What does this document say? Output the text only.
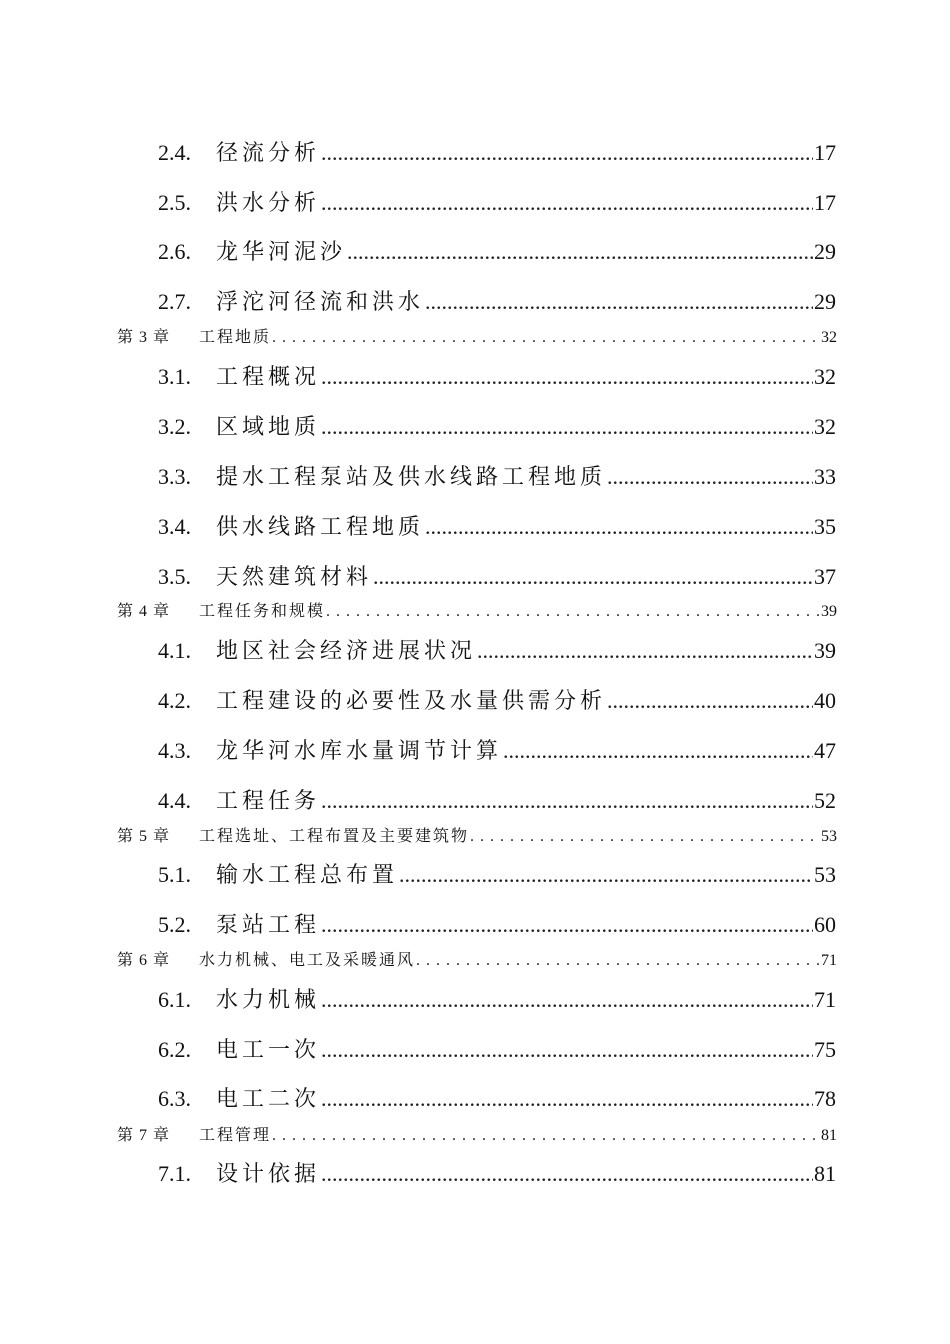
2.4.	径流分析 .....	17
2.5.	洪水分析 .....	17
2.6.	龙华河泥沙 .....	29
2.7.	浮沱河径流和洪水 .....	29
第 3 章	工程地质 . . .	32
3.1.	工程概况 .....	32
3.2.	区域地质 .....	32
3.3.	提水工程泵站及供水线路工程地质 .....	33
3.4.	供水线路工程地质 .....	35
3.5.	天然建筑材料 .....	37
第 4 章	工程任务和规模 . . .	39
4.1.	地区社会经济进展状况 .....	39
4.2.	工程建设的必要性及水量供需分析 .....	40
4.3.	龙华河水库水量调节计算 .....	47
4.4.	工程任务 .....	52
第 5 章	工程选址、工程布置及主要建筑物 . . .	53
5.1.	输水工程总布置 .....	53
5.2.	泵站工程 .....	60
第 6 章	水力机械、电工及采暖通风 . . .	71
6.1.	水力机械 .....	71
6.2.	电工一次 .....	75
6.3.	电工二次 .....	78
第 7 章	工程管理 . . .	81
7.1.	设计依据 .....	81
